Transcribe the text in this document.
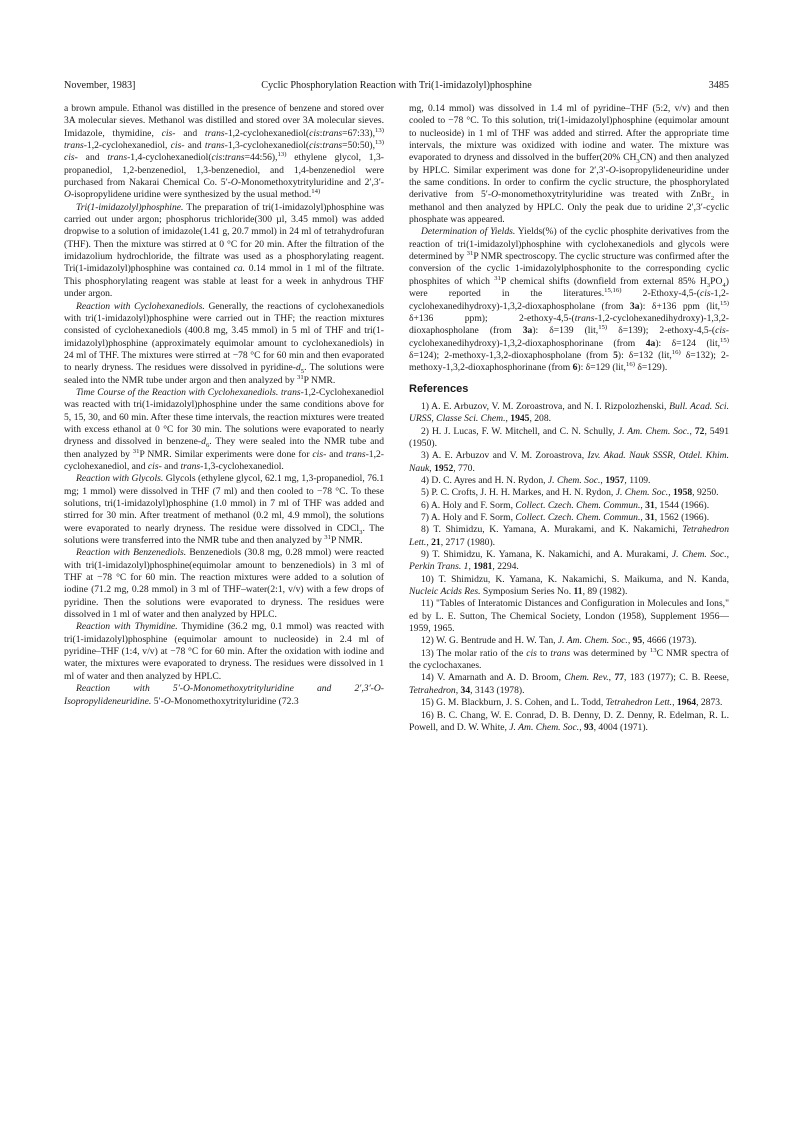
November, 1983]	Cyclic Phosphorylation Reaction with Tri(1-imidazolyl)phosphine	3485

a brown ampule. Ethanol was distilled in the presence of benzene and stored over 3A molecular sieves. Methanol was distilled and stored over 3A molecular sieves. Imidazole, thymidine, cis- and trans-1,2-cyclohexanediol(cis:trans=67:33),$^{13)}$ trans-1,2-cyclohexanediol, cis- and trans-1,3-cyclohexanediol(cis:trans=50:50),$^{13)}$ cis- and trans-1,4-cyclohexanediol(cis:trans=44:56),$^{13)}$ ethylene glycol, 1,3-propanediol, 1,2-benzenediol, 1,3-benzenediol, and 1,4-benzenediol were purchased from Nakarai Chemical Co. 5′-O-Monomethoxytrityluridine and 2′,3′-O-isopropylidene uridine were synthesized by the usual method.$^{14)}$

Tri(1-imidazolyl)phosphine. The preparation of tri(1-imidazolyl)phosphine was carried out under argon; phosphorus trichloride(300 µl, 3.45 mmol) was added dropwise to a solution of imidazole(1.41 g, 20.7 mmol) in 24 ml of tetrahydrofuran (THF). Then the mixture was stirred at 0 °C for 20 min. After the filtration of the imidazolium hydrochloride, the filtrate was used as a phosphorylating reagent. Tri(1-imidazolyl)phosphine was contained ca. 0.14 mmol in 1 ml of the filtrate. This phosphorylating reagent was stable at least for a week in anhydrous THF under argon.

Reaction with Cyclohexanediols. Generally, the reactions of cyclohexanediols with tri(1-imidazolyl)phosphine were carried out in THF; the reaction mixtures consisted of cyclohexanediols (400.8 mg, 3.45 mmol) in 5 ml of THF and tri(1-imidazolyl)phosphine (approximately equimolar amount to cyclohexanediols) in 24 ml of THF. The mixtures were stirred at −78 °C for 60 min and then evaporated to nearly dryness. The residues were dissolved in pyridine-$d_5$. The solutions were sealed into the NMR tube under argon and then analyzed by $^{31}$P NMR.

Time Course of the Reaction with Cyclohexanediols. trans-1,2-Cyclohexanediol was reacted with tri(1-imidazolyl)phosphine under the same conditions above for 5, 15, 30, and 60 min. After these time intervals, the reaction mixtures were treated with excess ethanol at 0 °C for 30 min. The solutions were evaporated to nearly dryness and dissolved in benzene-$d_6$. They were sealed into the NMR tube and then analyzed by $^{31}$P NMR. Similar experiments were done for cis- and trans-1,2-cyclohexanediol, and cis- and trans-1,3-cyclohexanediol.

Reaction with Glycols. Glycols (ethylene glycol, 62.1 mg, 1,3-propanediol, 76.1 mg; 1 mmol) were dissolved in THF (7 ml) and then cooled to −78 °C. To these solutions, tri(1-imidazolyl)phosphine (1.0 mmol) in 7 ml of THF was added and stirred for 30 min. After treatment of methanol (0.2 ml, 4.9 mmol), the solutions were evaporated to nearly dryness. The residue were dissolved in CDCl$_3$. The solutions were transferred into the NMR tube and then analyzed by $^{31}$P NMR.

Reaction with Benzenediols. Benzenediols (30.8 mg, 0.28 mmol) were reacted with tri(1-imidazolyl)phosphine(equimolar amount to benzenediols) in 3 ml of THF at −78 °C for 60 min. The reaction mixtures were added to a solution of iodine (71.2 mg, 0.28 mmol) in 3 ml of THF–water(2:1, v/v) with a few drops of pyridine. Then the solutions were evaporated to dryness. The residues were dissolved in 1 ml of water and then analyzed by HPLC.

Reaction with Thymidine. Thymidine (36.2 mg, 0.1 mmol) was reacted with tri(1-imidazolyl)phosphine (equimolar amount to nucleoside) in 2.4 ml of pyridine–THF (1:4, v/v) at −78 °C for 60 min. After the oxidation with iodine and water, the mixtures were evaporated to dryness. The residues were dissolved in 1 ml of water and then analyzed by HPLC.

Reaction with 5′-O-Monomethoxytrityluridine and 2′,3′-O-Isopropylideneuridine. 5′-O-Monomethoxytrityluridine (72.3

mg, 0.14 mmol) was dissolved in 1.4 ml of pyridine–THF (5:2, v/v) and then cooled to −78 °C. To this solution, tri(1-imidazolyl)phosphine (equimolar amount to nucleoside) in 1 ml of THF was added and stirred. After the appropriate time intervals, the mixture was oxidized with iodine and water. The mixture was evaporated to dryness and dissolved in the buffer(20% $CH_3CN$) and then analyzed by HPLC. Similar experiment was done for 2′,3′-O-isopropylideneuridine under the same conditions. In order to confirm the cyclic structure, the phosphorylated derivative from 5′-O-monomethoxytrityluridine was treated with ZnBr$_2$ in methanol and then analyzed by HPLC. Only the peak due to uridine 2′,3′-cyclic phosphate was appeared.

Determination of Yields. Yields(%) of the cyclic phosphite derivatives from the reaction of tri(1-imidazolyl)phosphine with cyclohexanediols and glycols were determined by $^{31}$P NMR spectroscopy. The cyclic structure was confirmed after the conversion of the cyclic 1-imidazolylphosphonite to the corresponding cyclic phosphites of which $^{31}$P chemical shifts (downfield from external 85% $H_3PO_4$) were reported in the literatures.$^{15,16)}$ 2-Ethoxy-4,5-(cis-1,2-cyclohexanedihydroxy)-1,3,2-dioxaphospholane (from 3a): δ+136 ppm (lit,$^{15)}$ δ+136 ppm); 2-ethoxy-4,5-(trans-1,2-cyclohexanedihydroxy)-1,3,2-dioxaphospholane (from 3a): δ=139 (lit,$^{15)}$ δ=139); 2-ethoxy-4,5-(cis-cyclohexanedihydroxy)-1,3,2-dioxaphosphorinane (from 4a): δ=124 (lit,$^{15)}$ δ=124); 2-methoxy-1,3,2-dioxaphospholane (from 5): δ=132 (lit,$^{16)}$ δ=132); 2-methoxy-1,3,2-dioxaphosphorinane (from 6): δ=129 (lit,$^{16)}$ δ=129).

References

1) A. E. Arbuzov, V. M. Zoroastrova, and N. I. Rizpolozhenski, Bull. Acad. Sci. URSS, Classe Sci. Chem., 1945, 208.

2) H. J. Lucas, F. W. Mitchell, and C. N. Schully, J. Am. Chem. Soc., 72, 5491 (1950).

3) A. E. Arbuzov and V. M. Zoroastrova, Izv. Akad. Nauk SSSR, Otdel. Khim. Nauk, 1952, 770.

4) D. C. Ayres and H. N. Rydon, J. Chem. Soc., 1957, 1109.

5) P. C. Crofts, J. H. H. Markes, and H. N. Rydon, J. Chem. Soc., 1958, 9250.

6) A. Holy and F. Sorm, Collect. Czech. Chem. Commun., 31, 1544 (1966).

7) A. Holy and F. Sorm, Collect. Czech. Chem. Commun., 31, 1562 (1966).

8) T. Shimidzu, K. Yamana, A. Murakami, and K. Nakamichi, Tetrahedron Lett., 21, 2717 (1980).

9) T. Shimidzu, K. Yamana, K. Nakamichi, and A. Murakami, J. Chem. Soc., Perkin Trans. 1, 1981, 2294.

10) T. Shimidzu, K. Yamana, K. Nakamichi, S. Maikuma, and N. Kanda, Nucleic Acids Res. Symposium Series No. 11, 89 (1982).

11) "Tables of Interatomic Distances and Configuration in Molecules and Ions," ed by L. E. Sutton, The Chemical Society, London (1958), Supplement 1956—1959, 1965.

12) W. G. Bentrude and H. W. Tan, J. Am. Chem. Soc., 95, 4666 (1973).

13) The molar ratio of the cis to trans was determined by $^{13}$C NMR spectra of the cyclochaxanes.

14) V. Amarnath and A. D. Broom, Chem. Rev., 77, 183 (1977); C. B. Reese, Tetrahedron, 34, 3143 (1978).

15) G. M. Blackburn, J. S. Cohen, and L. Todd, Tetrahedron Lett., 1964, 2873.

16) B. C. Chang, W. E. Conrad, D. B. Denny, D. Z. Denny, R. Edelman, R. L. Powell, and D. W. White, J. Am. Chem. Soc., 93, 4004 (1971).
